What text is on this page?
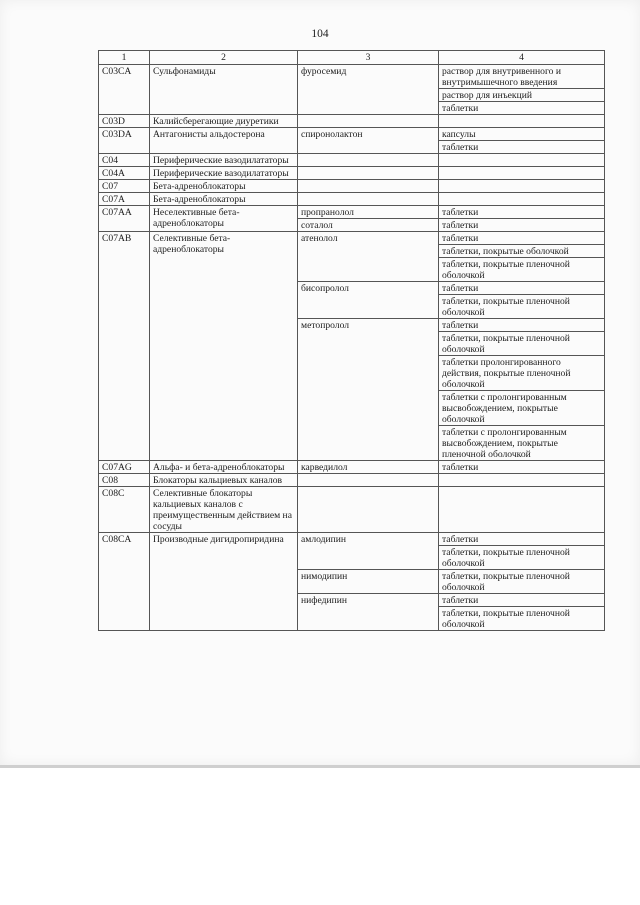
104
1	2	3	4
C03CA	Сульфонамиды	фуросемид	раствор для внутривенного и внутримышечного введения
			раствор для инъекций
			таблетки
C03D	Калийсберегающие диуретики		
C03DA	Антагонисты альдостерона	спиронолактон	капсулы
			таблетки
C04	Периферические вазодилататоры		
C04A	Периферические вазодилататоры		
C07	Бета-адреноблокаторы		
C07A	Бета-адреноблокаторы		
C07AA	Неселективные бета-адреноблокаторы	пропранолол	таблетки
		соталол	таблетки
C07AB	Селективные бета-адреноблокаторы	атенолол	таблетки
			таблетки, покрытые оболочкой
			таблетки, покрытые пленочной оболочкой
		бисопролол	таблетки
			таблетки, покрытые пленочной оболочкой
		метопролол	таблетки
			таблетки, покрытые пленочной оболочкой
			таблетки пролонгированного действия, покрытые пленочной оболочкой
			таблетки с пролонгированным высвобождением, покрытые оболочкой
			таблетки с пролонгированным высвобождением, покрытые пленочной оболочкой
C07AG	Альфа- и бета-адреноблокаторы	карведилол	таблетки
C08	Блокаторы кальциевых каналов		
C08C	Селективные блокаторы кальциевых каналов с преимущественным действием на сосуды		
C08CA	Производные дигидропиридина	амлодипин	таблетки
			таблетки, покрытые пленочной оболочкой
		нимодипин	таблетки, покрытые пленочной оболочкой
		нифедипин	таблетки
			таблетки, покрытые пленочной оболочкой
